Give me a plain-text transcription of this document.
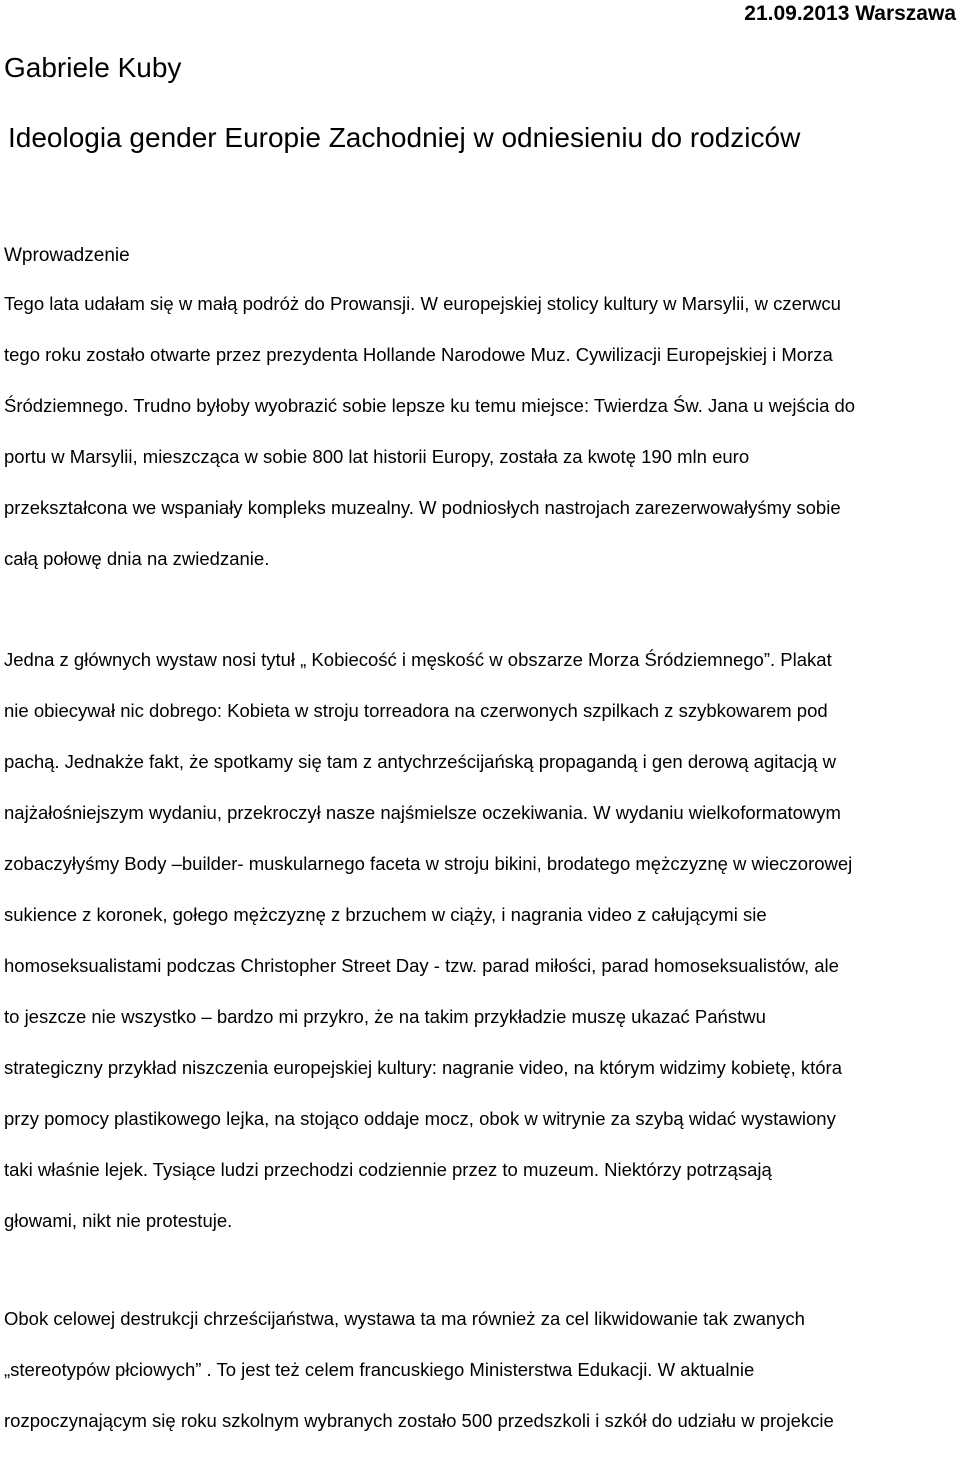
21.09.2013 Warszawa
Gabriele Kuby
Ideologia gender Europie Zachodniej w odniesieniu do rodziców
Wprowadzenie
Tego lata udałam się w małą podróż do Prowansji. W europejskiej stolicy kultury w Marsylii, w czerwcu
tego roku zostało otwarte przez prezydenta Hollande Narodowe Muz. Cywilizacji Europejskiej i Morza
Śródziemnego. Trudno byłoby wyobrazić sobie lepsze ku temu miejsce: Twierdza Św. Jana u wejścia do
portu w Marsylii, mieszcząca w sobie 800 lat historii Europy, została za kwotę 190 mln euro
przekształcona we wspaniały kompleks muzealny. W podniosłych nastrojach zarezerwowałyśmy sobie
całą połowę dnia na zwiedzanie.
Jedna z głównych wystaw nosi tytuł „ Kobiecość i męskość w obszarze Morza Śródziemnego”. Plakat
nie obiecywał nic dobrego: Kobieta w stroju torreadora na czerwonych szpilkach z szybkowarem pod
pachą. Jednakże fakt, że spotkamy się tam z antychrześcijańską propagandą i gen derową agitacją w
najżałośniejszym wydaniu, przekroczył nasze najśmielsze oczekiwania. W wydaniu wielkoformatowym
zobaczyłyśmy Body –builder- muskularnego faceta w stroju bikini, brodatego mężczyznę w wieczorowej
sukience z koronek, gołego mężczyznę z brzuchem w ciąży, i nagrania video z całującymi sie
homoseksualistami podczas Christopher Street Day - tzw. parad miłości, parad homoseksualistów, ale
to jeszcze nie wszystko – bardzo mi przykro, że na takim przykładzie muszę ukazać Państwu
strategiczny przykład niszczenia europejskiej kultury: nagranie video, na którym widzimy kobietę, która
przy pomocy plastikowego lejka, na stojąco oddaje mocz, obok w witrynie za szybą widać wystawiony
taki właśnie lejek. Tysiące ludzi przechodzi codziennie przez to muzeum. Niektórzy potrząsają
głowami, nikt nie protestuje.
Obok celowej destrukcji chrześcijaństwa, wystawa ta ma również za cel likwidowanie tak zwanych
„stereotypów płciowych” . To jest też celem francuskiego Ministerstwa Edukacji. W aktualnie
rozpoczynającym się roku szkolnym wybranych zostało 500 przedszkoli i szkół do udziału w projekcie
